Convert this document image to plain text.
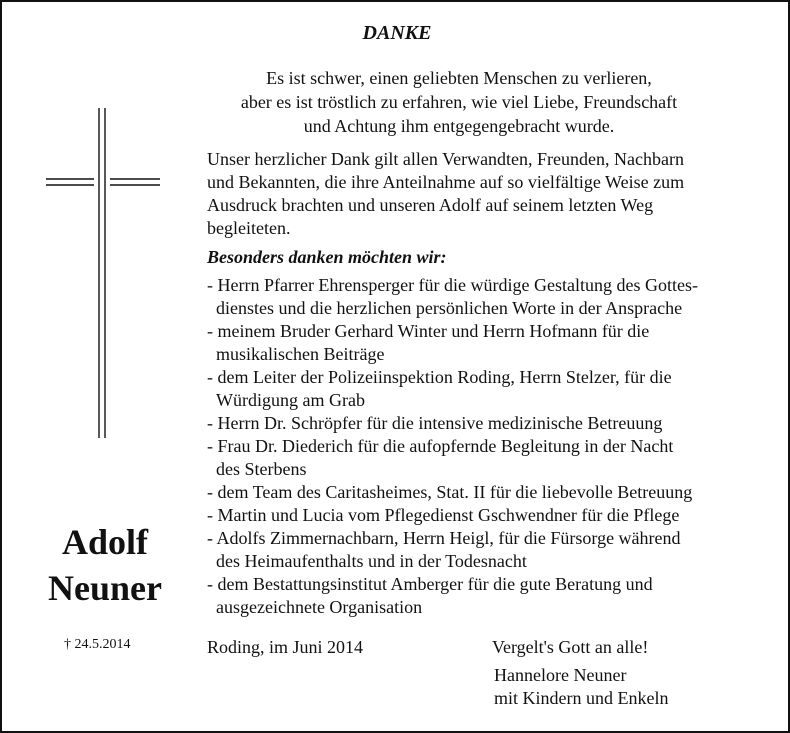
DANKE
Es ist schwer, einen geliebten Menschen zu verlieren,
aber es ist tröstlich zu erfahren, wie viel Liebe, Freundschaft
und Achtung ihm entgegengebracht wurde.
Unser herzlicher Dank gilt allen Verwandten, Freunden, Nachbarn
und Bekannten, die ihre Anteilnahme auf so vielfältige Weise zum
Ausdruck brachten und unseren Adolf auf seinem letzten Weg
begleiteten.
Besonders danken möchten wir:
- Herrn Pfarrer Ehrensperger für die würdige Gestaltung des Gottes-
dienstes und die herzlichen persönlichen Worte in der Ansprache
- meinem Bruder Gerhard Winter und Herrn Hofmann für die
musikalischen Beiträge
- dem Leiter der Polizeiinspektion Roding, Herrn Stelzer, für die
Würdigung am Grab
- Herrn Dr. Schröpfer für die intensive medizinische Betreuung
- Frau Dr. Diederich für die aufopfernde Begleitung in der Nacht
des Sterbens
- dem Team des Caritasheimes, Stat. II für die liebevolle Betreuung
- Martin und Lucia vom Pflegedienst Gschwendner für die Pflege
- Adolfs Zimmernachbarn, Herrn Heigl, für die Fürsorge während
des Heimaufenthalts und in der Todesnacht
- dem Bestattungsinstitut Amberger für die gute Beratung und
ausgezeichnete Organisation
Adolf
Neuner
† 24.5.2014	Roding, im Juni 2014	Vergelt's Gott an alle!
Hannelore Neuner
mit Kindern und Enkeln
